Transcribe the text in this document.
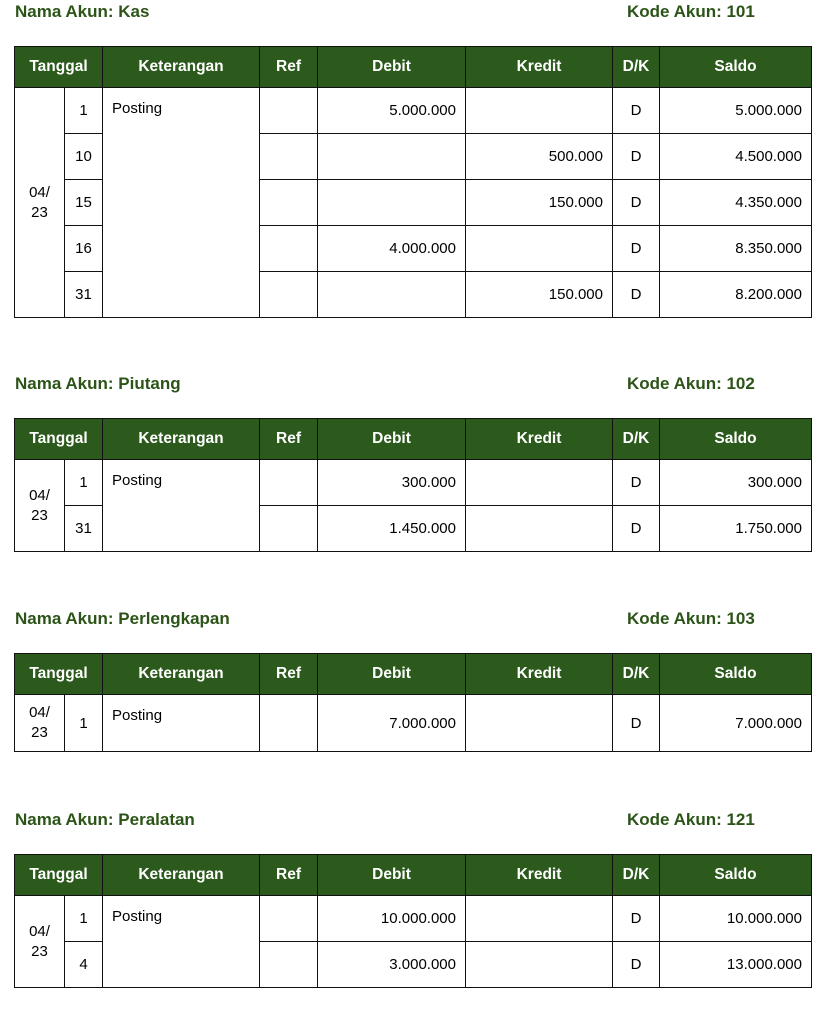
Nama Akun: Kas	Kode Akun: 101
Tanggal		Keterangan	Ref	Debit	Kredit	D/K	Saldo

04/
23	1	Posting		5.000.000		D	5.000.000
	10				500.000	D	4.500.000
	15				150.000	D	4.350.000
	16			4.000.000		D	8.350.000
	31				150.000	D	8.200.000
Nama Akun: Piutang	Kode Akun: 102
Tanggal		Keterangan	Ref	Debit	Kredit	D/K	Saldo

04/
23	1	Posting		300.000		D	300.000
	31			1.450.000		D	1.750.000
Nama Akun: Perlengkapan	Kode Akun: 103
Tanggal		Keterangan	Ref	Debit	Kredit	D/K	Saldo

04/
23	1	Posting		7.000.000		D	7.000.000
Nama Akun: Peralatan	Kode Akun: 121
Tanggal		Keterangan	Ref	Debit	Kredit	D/K	Saldo

04/
23	1	Posting		10.000.000		D	10.000.000
	4			3.000.000		D	13.000.000
